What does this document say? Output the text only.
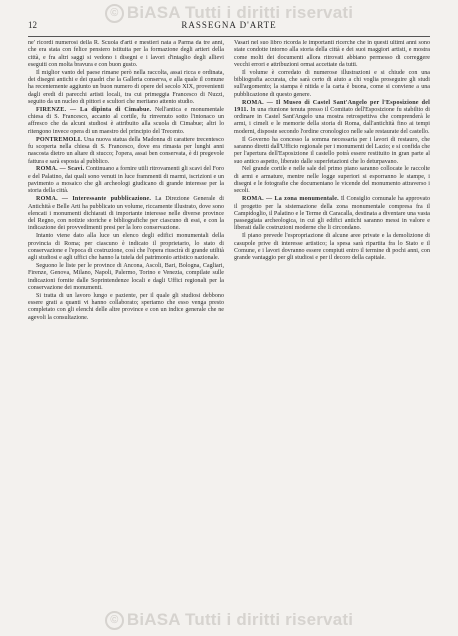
© BiASA Tutti i diritti riservati
12	RASSEGNA D'ARTE

ne' ricordi numerosi della R. Scuola d'arti e mestieri nata a Parma da tre anni, che era stata con felice pensiero istituita per la formazione degli artieri della città, e fra altri saggi si vedono i disegni e i lavori d'intaglio degli allievi eseguiti con molta bravura e con buon gusto.

Il miglior vanto del paese rimane però nella raccolta, assai ricca e ordinata, dei disegni antichi e dei quadri che la Galleria conserva, e alla quale il comune ha recentemente aggiunto un buon numero di opere del secolo XIX, provenienti dagli eredi di parecchi artisti locali, tra cui primeggia Francesco di Nuzzi, seguito da un nucleo di pittori e scultori che meritano attento studio.

FIRENZE. — La dipinta di Cimabue. Nell'antica e monumentale chiesa di S. Francesco, accanto al cortile, fu rinvenuto sotto l'intonaco un affresco che da alcuni studiosi è attribuito alla scuola di Cimabue; altri lo ritengono invece opera di un maestro del principio del Trecento.

PONTREMOLI. Una nuova statua della Madonna di carattere trecentesco fu scoperta nella chiesa di S. Francesco, dove era rimasta per lunghi anni nascosta dietro un altare di stucco; l'opera, assai ben conservata, è di pregevole fattura e sarà esposta al pubblico.

ROMA. — Scavi. Continuano a fornire utili ritrovamenti gli scavi del Foro e del Palatino, dai quali sono venuti in luce frammenti di marmi, iscrizioni e un pavimento a mosaico che gli archeologi giudicano di grande interesse per la storia della città.

ROMA. — Interessante pubblicazione. La Direzione Generale di Antichità e Belle Arti ha pubblicato un volume, riccamente illustrato, dove sono elencati i monumenti dichiarati di importante interesse nelle diverse province del Regno, con notizie storiche e bibliografiche per ciascuno di essi, e con la indicazione dei provvedimenti presi per la loro conservazione.

Intanto viene dato alla luce un elenco degli edifici monumentali della provincia di Roma; per ciascuno è indicato il proprietario, lo stato di conservazione e l'epoca di costruzione, così che l'opera riuscirà di grande utilità agli studiosi e agli uffici che hanno la tutela del patrimonio artistico nazionale.

Seguono le liste per le province di Ancona, Ascoli, Bari, Bologna, Cagliari, Firenze, Genova, Milano, Napoli, Palermo, Torino e Venezia, compilate sulle indicazioni fornite dalle Soprintendenze locali e dagli Uffici regionali per la conservazione dei monumenti.

Si tratta di un lavoro lungo e paziente, per il quale gli studiosi debbono essere grati a quanti vi hanno collaborato; speriamo che esso venga presto completato con gli elenchi delle altre province e con un indice generale che ne agevoli la consultazione.

Vasari nel suo libro ricorda le importanti ricerche che in questi ultimi anni sono state condotte intorno alla storia della città e dei suoi maggiori artisti, e mostra come molti dei documenti allora ritrovati abbiano permesso di correggere vecchi errori e attribuzioni ormai accettate da tutti.

Il volume è corredato di numerose illustrazioni e si chiude con una bibliografia accurata, che sarà certo di aiuto a chi voglia proseguire gli studi sull'argomento; la stampa è nitida e la carta è buona, come si conviene a una pubblicazione di questo genere.

ROMA. — Il Museo di Castel Sant'Angelo per l'Esposizione del 1911. In una riunione tenuta presso il Comitato dell'Esposizione fu stabilito di ordinare in Castel Sant'Angelo una mostra retrospettiva che comprenderà le armi, i cimeli e le memorie della storia di Roma, dall'antichità fino ai tempi moderni, disposte secondo l'ordine cronologico nelle sale restaurate del castello.

Il Governo ha concesso la somma necessaria per i lavori di restauro, che saranno diretti dall'Ufficio regionale per i monumenti del Lazio; e si confida che per l'apertura dell'Esposizione il castello potrà essere restituito in gran parte al suo antico aspetto, liberato dalle superfetazioni che lo deturpavano.

Nel grande cortile e nelle sale del primo piano saranno collocate le raccolte di armi e armature, mentre nelle logge superiori si esporranno le stampe, i disegni e le fotografie che documentano le vicende del monumento attraverso i secoli.

ROMA. — La zona monumentale. Il Consiglio comunale ha approvato il progetto per la sistemazione della zona monumentale compresa fra il Campidoglio, il Palatino e le Terme di Caracalla, destinata a diventare una vasta passeggiata archeologica, in cui gli edifici antichi saranno messi in valore e liberati dalle costruzioni moderne che li circondano.

Il piano prevede l'espropriazione di alcune aree private e la demolizione di casupole prive di interesse artistico; la spesa sarà ripartita fra lo Stato e il Comune, e i lavori dovranno essere compiuti entro il termine di pochi anni, con grande vantaggio per gli studiosi e per il decoro della capitale.

© BiASA Tutti i diritti riservati
